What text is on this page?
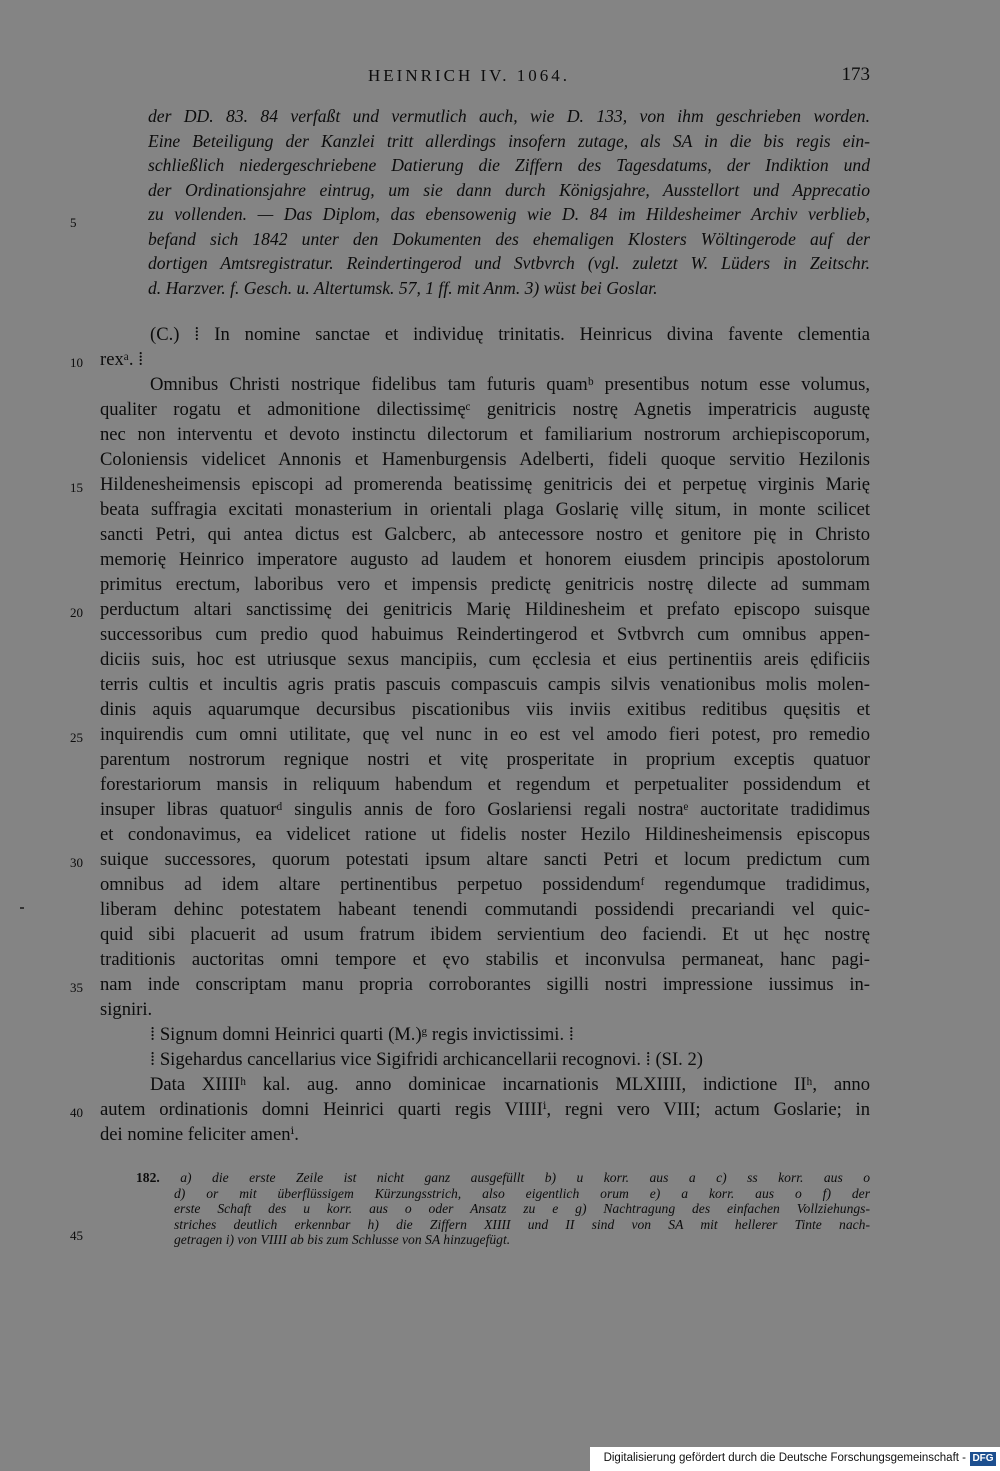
HEINRICH IV. 1064.	173
der DD. 83. 84 verfaßt und vermutlich auch, wie D. 133, von ihm geschrieben worden.
Eine Beteiligung der Kanzlei tritt allerdings insofern zutage, als SA in die bis regis ein-
schließlich niedergeschriebene Datierung die Ziffern des Tagesdatums, der Indiktion und
der Ordinationsjahre eintrug, um sie dann durch Königsjahre, Ausstellort und Apprecatio
zu vollenden. — Das Diplom, das ebensowenig wie D. 84 im Hildesheimer Archiv verblieb,
befand sich 1842 unter den Dokumenten des ehemaligen Klosters Wöltingerode auf der
dortigen Amtsregistratur. Reindertingerod und Svtbvrch (vgl. zuletzt W. Lüders in Zeitschr.
d. Harzver. f. Gesch. u. Altertumsk. 57, 1 ff. mit Anm. 3) wüst bei Goslar.
(C.) ⁞ In nomine sanctae et individuę trinitatis. Heinricus divina favente clementia
rexᵃ. ⁞
Omnibus Christi nostrique fidelibus tam futuris quamᵇ presentibus notum esse volumus,
qualiter rogatu et admonitione dilectissimęᶜ genitricis nostrę Agnetis imperatricis augustę
nec non interventu et devoto instinctu dilectorum et familiarium nostrorum archiepiscoporum,
Coloniensis videlicet Annonis et Hamenburgensis Adelberti, fideli quoque servitio Hezilonis
Hildenesheimensis episcopi ad promerenda beatissimę genitricis dei et perpetuę virginis Marię
beata suffragia excitati monasterium in orientali plaga Goslarię villę situm, in monte scilicet
sancti Petri, qui antea dictus est Galcberc, ab antecessore nostro et genitore pię in Christo
memorię Heinrico imperatore augusto ad laudem et honorem eiusdem principis apostolorum
primitus erectum, laboribus vero et impensis predictę genitricis nostrę dilecte ad summam
perductum altari sanctissimę dei genitricis Marię Hildinesheim et prefato episcopo suisque
successoribus cum predio quod habuimus Reindertingerod et Svtbvrch cum omnibus appen-
diciis suis, hoc est utriusque sexus mancipiis, cum ęcclesia et eius pertinentiis areis ędificiis
terris cultis et incultis agris pratis pascuis compascuis campis silvis venationibus molis molen-
dinis aquis aquarumque decursibus piscationibus viis inviis exitibus reditibus quęsitis et
inquirendis cum omni utilitate, quę vel nunc in eo est vel amodo fieri potest, pro remedio
parentum nostrorum regnique nostri et vitę prosperitate in proprium exceptis quatuor
forestariorum mansis in reliquum habendum et regendum et perpetualiter possidendum et
insuper libras quatuorᵈ singulis annis de foro Goslariensi regali nostraᵉ auctoritate tradidimus
et condonavimus, ea videlicet ratione ut fidelis noster Hezilo Hildinesheimensis episcopus
suique successores, quorum potestati ipsum altare sancti Petri et locum predictum cum
omnibus ad idem altare pertinentibus perpetuo possidendumᶠ regendumque tradidimus,
liberam dehinc potestatem habeant tenendi commutandi possidendi precariandi vel quic-
quid sibi placuerit ad usum fratrum ibidem servientium deo faciendi. Et ut hęc nostrę
traditionis auctoritas omni tempore et ęvo stabilis et inconvulsa permaneat, hanc pagi-
nam inde conscriptam manu propria corroborantes sigilli nostri impressione iussimus in-
signiri.
⁞ Signum domni Heinrici quarti (M.)ᵍ regis invictissimi. ⁞
⁞ Sigehardus cancellarius vice Sigifridi archicancellarii recognovi. ⁞ (SI. 2)
Data XIIIIʰ kal. aug. anno dominicae incarnationis MLXIIII, indictione IIʰ, anno
autem ordinationis domni Heinrici quarti regis VIIIIⁱ, regni vero VIII; actum Goslarie; in
dei nomine feliciter amenⁱ.
182. a) die erste Zeile ist nicht ganz ausgefüllt b) u korr. aus a c) ss korr. aus o
d) or mit überflüssigem Kürzungsstrich, also eigentlich orum e) a korr. aus o f) der
erste Schaft des u korr. aus o oder Ansatz zu e g) Nachtragung des einfachen Vollziehungs-
striches deutlich erkennbar h) die Ziffern XIIII und II sind von SA mit hellerer Tinte nach-
getragen i) von VIIII ab bis zum Schlusse von SA hinzugefügt.
5
10
15
20
25
30
35
40
45
Digitalisierung gefördert durch die Deutsche Forschungsgemeinschaft - DFG
